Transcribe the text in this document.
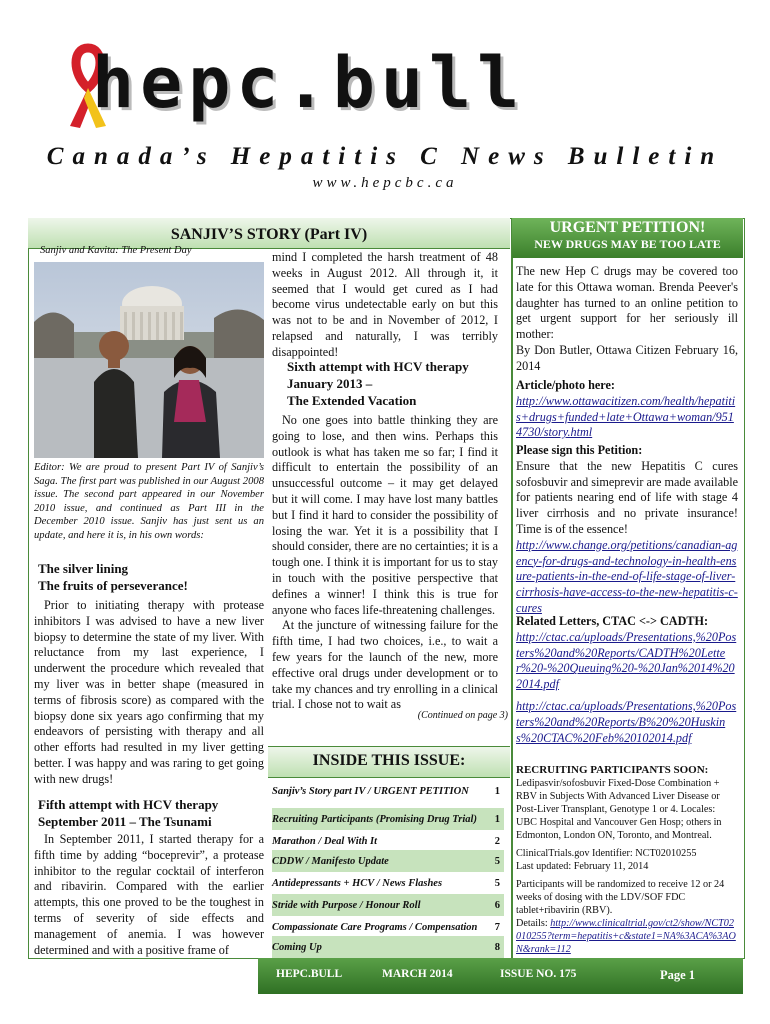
hepc.bull
Canada’s Hepatitis C News Bulletin
www.hepcbc.ca
SANJIV’S STORY (Part IV)
Sanjiv and Kavita: The Present Day
Editor: We are proud to present Part IV of Sanjiv’s Saga. The first part was published in our August 2008 issue. The second part appeared in our November 2010 issue, and continued as Part III in the December 2010 issue. Sanjiv has just sent us an update, and here it is, in his own words:
The silver lining
The fruits of perseverance!

Prior to initiating therapy with protease inhibitors I was advised to have a new liver biopsy to determine the state of my liver. With reluctance from my last experience, I underwent the procedure which revealed that my liver was in better shape (measured in terms of fibrosis score) as compared with the biopsy done six years ago confirming that my endeavors of persisting with therapy and all other efforts had resulted in my liver getting better. I was happy and was raring to get going with new drugs!

Fifth attempt with HCV therapy
September 2011 – The Tsunami

In September 2011, I started therapy for a fifth time by adding “boceprevir”, a protease inhibitor to the regular cocktail of interferon and ribavirin. Compared with the earlier attempts, this one proved to be the toughest in terms of severity of side effects and management of anemia. I was however determined and with a positive frame of

mind I completed the harsh treatment of 48 weeks in August 2012. All through it, it seemed that I would get cured as I had become virus undetectable early on but this was not to be and in November of 2012, I relapsed and naturally, I was terribly disappointed!

Sixth attempt with HCV therapy
January 2013 –
The Extended Vacation

No one goes into battle thinking they are going to lose, and then wins. Perhaps this outlook is what has taken me so far; I find it difficult to entertain the possibility of an unsuccessful outcome – it may get delayed but it will come. I may have lost many battles but I find it hard to consider the possibility of losing the war. Yet it is a possibility that I should consider, there are no certainties; it is a tough one. I think it is important for us to stay in touch with the positive perspective that defines a winner! I think this is true for anyone who faces life-threatening challenges.

At the juncture of witnessing failure for the fifth time, I had two choices, i.e., to wait a few years for the launch of the new, more effective oral drugs under development or to take my chances and try enrolling in a clinical trial. I chose not to wait as

(Continued on page 3)
INSIDE THIS ISSUE:
Sanjiv’s Story part IV / URGENT PETITION 1
Recruiting Participants (Promising Drug Trial) 1
Marathon / Deal With It	2
CDDW / Manifesto Update	5
Antidepressants + HCV / News Flashes	5
Stride with Purpose / Honour Roll	6
Compassionate Care Programs / Compensation 7
Coming Up	8
URGENT PETITION!
NEW DRUGS MAY BE TOO LATE

The new Hep C drugs may be covered too late for this Ottawa woman. Brenda Peever's daughter has turned to an online petition to get urgent support for her seriously ill mother:

By Don Butler, Ottawa Citizen February 16, 2014

Article/photo here:

http://www.ottawacitizen.com/health/hepatitis+drugs+funded+late+Ottawa+woman/9514730/story.html

Please sign this Petition:

Ensure that the new Hepatitis C cures sofosbuvir and simeprevir are made available for patients nearing end of life with stage 4 liver cirrhosis and no private insurance! Time is of the essence!

http://www.change.org/petitions/canadian-agency-for-drugs-and-technology-in-health-ensure-patients-in-the-end-of-life-stage-of-liver-cirrhosis-have-access-to-the-new-hepatitis-c-cures

Related Letters, CTAC <-> CADTH:

http://ctac.ca/uploads/Presentations,%20Posters%20and%20Reports/CADTH%20Letter%20-%20Queuing%20-%20Jan%2014%202014.pdf

http://ctac.ca/uploads/Presentations,%20Posters%20and%20Reports/B%20%20Huskins%20CTAC%20Feb%20102014.pdf

RECRUITING PARTICIPANTS SOON:

Ledipasvir/sofosbuvir Fixed-Dose Combination + RBV in Subjects With Advanced Liver Disease or Post-Liver Transplant, Genotype 1 or 4. Locales: UBC Hospital and Vancouver Gen Hosp; others in Edmonton, London ON, Toronto, and Montreal.

ClinicalTrials.gov Identifier: NCT02010255

Last updated: February 11, 2014

Participants will be randomized to receive 12 or 24 weeks of dosing with the LDV/SOF FDC tablet+ribavirin (RBV).

Details: http://www.clinicaltrial.gov/ct2/show/NCT02010255?term=hepatitis+c&state1=NA%3ACA%3AON&rank=112

HEPC.BULL	MARCH 2014	ISSUE NO. 175	Page 1
